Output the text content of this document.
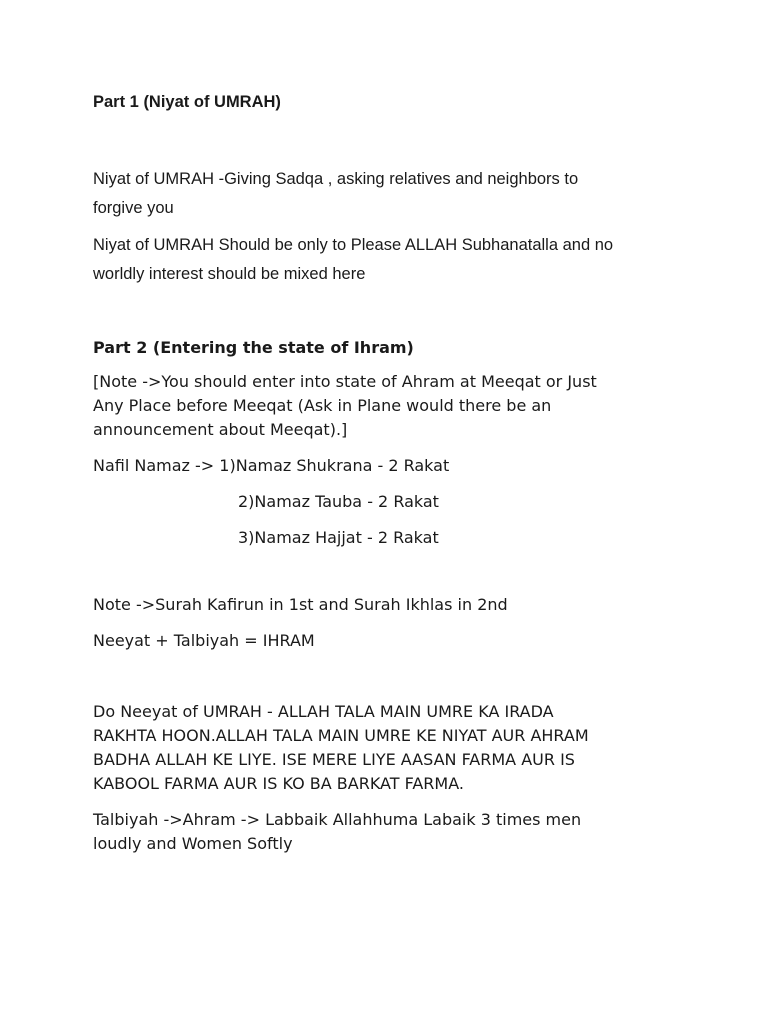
Part 1 (Niyat of UMRAH)
Niyat of UMRAH -Giving Sadqa , asking relatives and neighbors to
forgive you
Niyat of UMRAH Should be only to Please ALLAH Subhanatalla and no
worldly interest should be mixed here
Part 2 (Entering the state of Ihram)
[Note ->You should enter into state of Ahram at Meeqat or Just
Any Place before Meeqat (Ask in Plane would there be an
announcement about Meeqat).]
Nafil Namaz -> 1)Namaz Shukrana - 2 Rakat
2)Namaz Tauba - 2 Rakat
3)Namaz Hajjat - 2 Rakat
Note ->Surah Kafirun in 1st and Surah Ikhlas in 2nd
Neeyat + Talbiyah = IHRAM
Do Neeyat of UMRAH - ALLAH TALA MAIN UMRE KA IRADA
RAKHTA HOON.ALLAH TALA MAIN UMRE KE NIYAT AUR AHRAM
BADHA ALLAH KE LIYE. ISE MERE LIYE AASAN FARMA AUR IS
KABOOL FARMA AUR IS KO BA BARKAT FARMA.
Talbiyah ->Ahram -> Labbaik Allahhuma Labaik 3 times men
loudly and Women Softly
